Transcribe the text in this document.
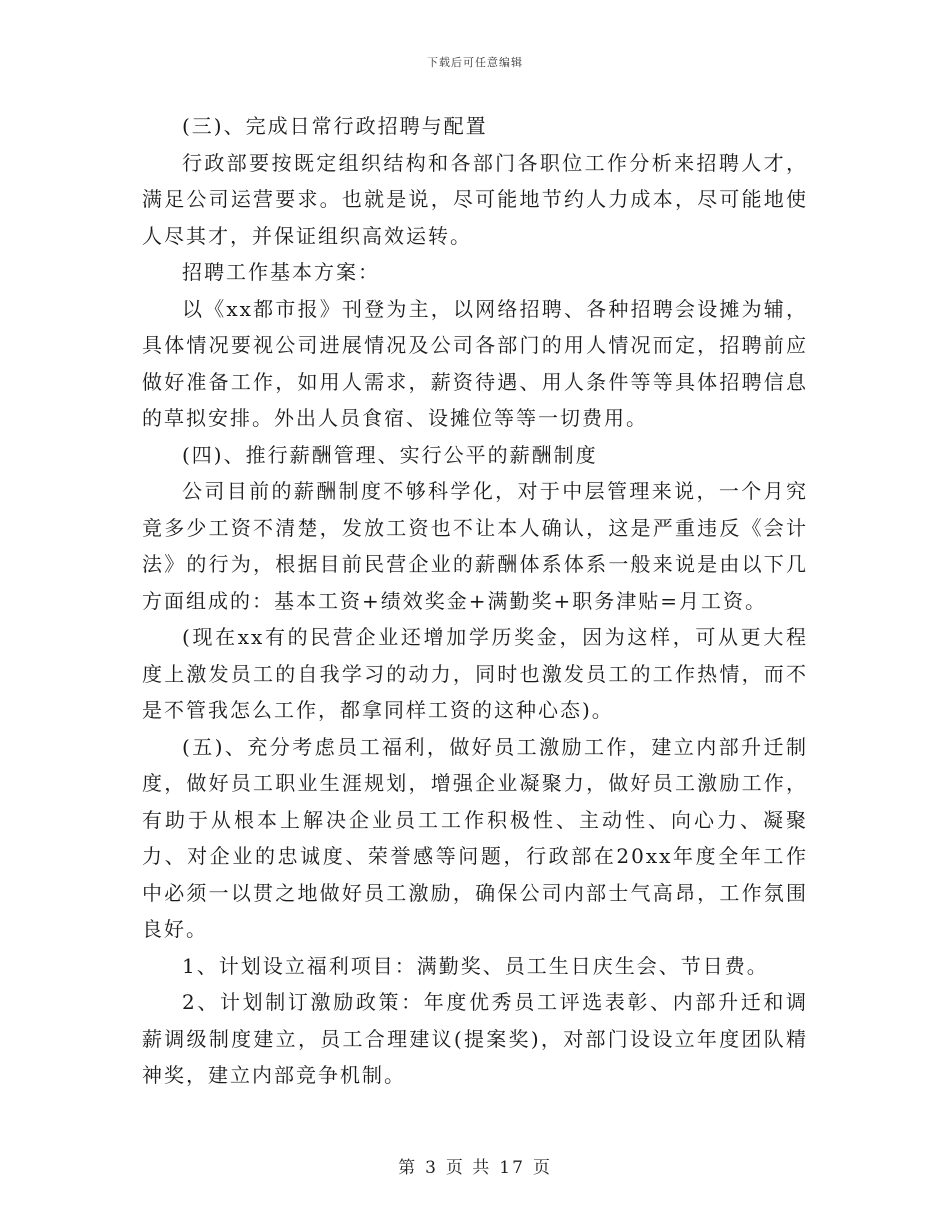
下载后可任意编辑

(三)、完成日常行政招聘与配置

行政部要按既定组织结构和各部门各职位工作分析来招聘人才，满足公司运营要求。也就是说，尽可能地节约人力成本，尽可能地使人尽其才，并保证组织高效运转。

招聘工作基本方案：

以《xx都市报》刊登为主，以网络招聘、各种招聘会设摊为辅，具体情况要视公司进展情况及公司各部门的用人情况而定，招聘前应做好准备工作，如用人需求，薪资待遇、用人条件等等具体招聘信息的草拟安排。外出人员食宿、设摊位等等一切费用。

(四)、推行薪酬管理、实行公平的薪酬制度

公司目前的薪酬制度不够科学化，对于中层管理来说，一个月究竟多少工资不清楚，发放工资也不让本人确认，这是严重违反《会计法》的行为，根据目前民营企业的薪酬体系体系一般来说是由以下几方面组成的：基本工资+绩效奖金+满勤奖+职务津贴=月工资。

(现在xx有的民营企业还增加学历奖金，因为这样，可从更大程度上激发员工的自我学习的动力，同时也激发员工的工作热情，而不是不管我怎么工作，都拿同样工资的这种心态)。

(五)、充分考虑员工福利，做好员工激励工作，建立内部升迁制度，做好员工职业生涯规划，增强企业凝聚力，做好员工激励工作，有助于从根本上解决企业员工工作积极性、主动性、向心力、凝聚力、对企业的忠诚度、荣誉感等问题，行政部在20xx年度全年工作中必须一以贯之地做好员工激励，确保公司内部士气高昂，工作氛围良好。

1、计划设立福利项目：满勤奖、员工生日庆生会、节日费。

2、计划制订激励政策：年度优秀员工评选表彰、内部升迁和调薪调级制度建立，员工合理建议(提案奖)，对部门设设立年度团队精神奖，建立内部竞争机制。

第 3 页 共 17 页
